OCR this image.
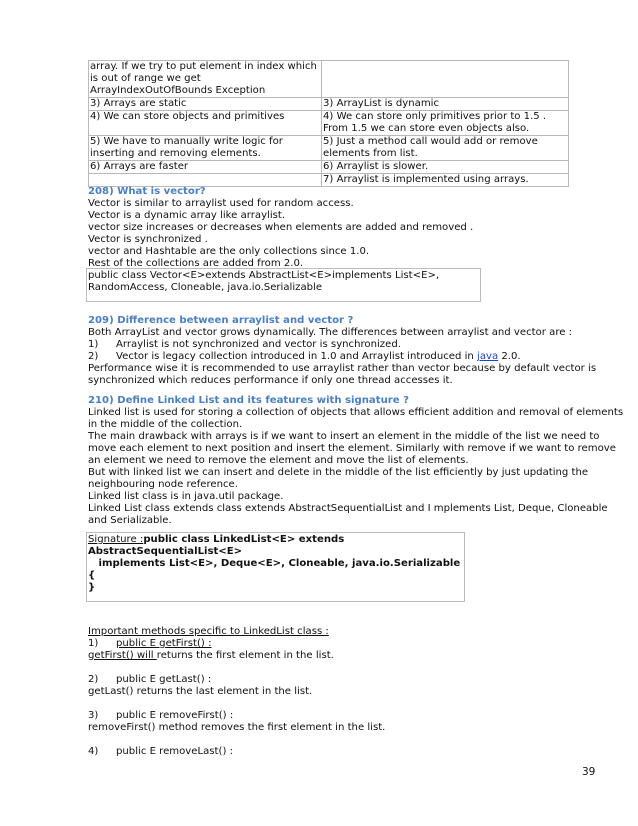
array. If we try to put element in index which is out of range we get ArrayIndexOutOfBounds Exception	
3) Arrays are static	3) ArrayList is dynamic
4) We can store objects and primitives	4) We can store only primitives prior to 1.5 . From 1.5 we can store even objects also.
5) We have to manually write logic for inserting and removing elements.	5) Just a method call would add or remove elements from list.
6) Arrays are faster	6) Arraylist is slower.
	7) Arraylist is implemented using arrays.
208) What is vector?
Vector is similar to arraylist used for random access.
Vector is a dynamic array like arraylist.
vector size increases or decreases when elements are added and removed .
Vector is synchronized .
vector and Hashtable are the only collections since 1.0.
Rest of the collections are added from 2.0.
public class Vector<E>extends AbstractList<E>implements List<E>,
RandomAccess, Cloneable, java.io.Serializable
209) Difference between arraylist and vector ?
Both ArrayList and vector grows dynamically. The differences between arraylist and vector are :
1) Arraylist is not synchronized and vector is synchronized.
2) Vector is legacy collection introduced in 1.0 and Arraylist introduced in java 2.0.
Performance wise it is recommended to use arraylist rather than vector because by default vector is
synchronized which reduces performance if only one thread accesses it.
210) Define Linked List and its features with signature ?
Linked list is used for storing a collection of objects that allows efficient addition and removal of elements
in the middle of the collection.
The main drawback with arrays is if we want to insert an element in the middle of the list we need to
move each element to next position and insert the element. Similarly with remove if we want to remove
an element we need to remove the element and move the list of elements.
But with linked list we can insert and delete in the middle of the list efficiently by just updating the
neighbouring node reference.
Linked list class is in java.util package.
Linked List class extends class extends AbstractSequentialList and I mplements List, Deque, Cloneable
and Serializable.
Signature :public class LinkedList<E> extends
AbstractSequentialList<E>
implements List<E>, Deque<E>, Cloneable, java.io.Serializable
{
}
Important methods specific to LinkedList class :
1) public E getFirst() :
getFirst() will returns the first element in the list.
2) public E getLast() :
getLast() returns the last element in the list.
3) public E removeFirst() :
removeFirst() method removes the first element in the list.
4) public E removeLast() :
39
